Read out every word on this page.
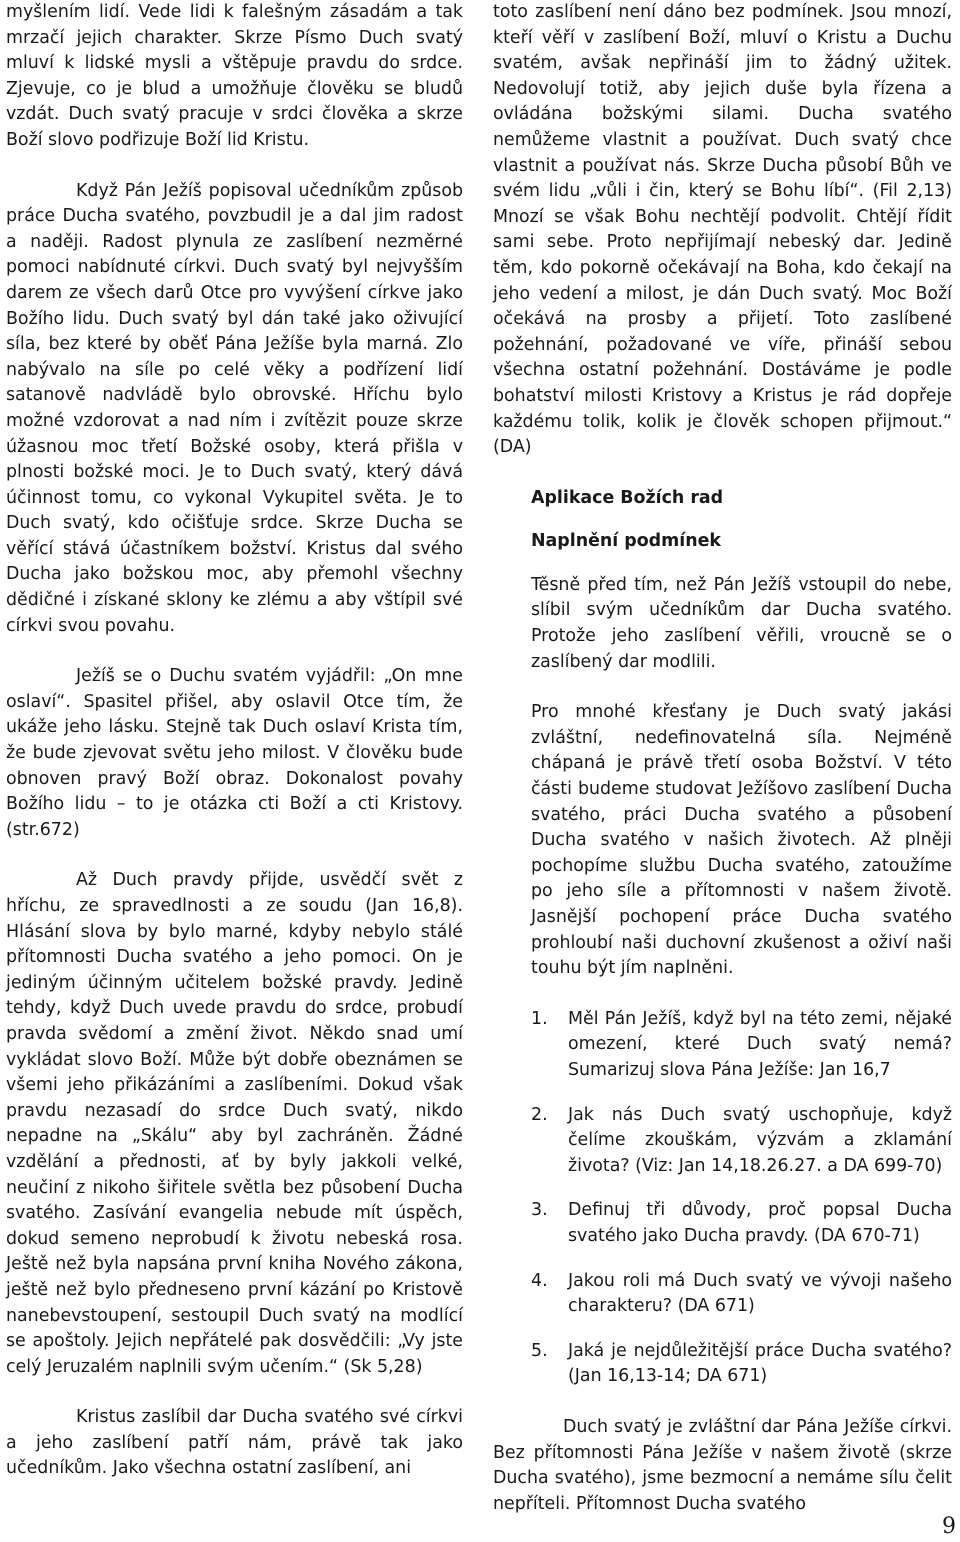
myšlením lidí. Vede lidi k falešným zásadám a tak mrzačí jejich charakter. Skrze Písmo Duch svatý mluví k lidské mysli a vštěpuje pravdu do srdce. Zjevuje, co je blud a umožňuje člověku se bludů vzdát. Duch svatý pracuje v srdci člověka a skrze Boží slovo podřizuje Boží lid Kristu.

Když Pán Ježíš popisoval učedníkům způsob práce Ducha svatého, povzbudil je a dal jim radost a naději. Radost plynula ze zaslíbení nezměrné pomoci nabídnuté církvi. Duch svatý byl nejvyšším darem ze všech darů Otce pro vyvýšení církve jako Božího lidu. Duch svatý byl dán také jako oživující síla, bez které by oběť Pána Ježíše byla marná. Zlo nabývalo na síle po celé věky a podřízení lidí satanově nadvládě bylo obrovské. Hříchu bylo možné vzdorovat a nad ním i zvítězit pouze skrze úžasnou moc třetí Božské osoby, která přišla v plnosti božské moci. Je to Duch svatý, který dává účinnost tomu, co vykonal Vykupitel světa. Je to Duch svatý, kdo očišťuje srdce. Skrze Ducha se věřící stává účastníkem božství. Kristus dal svého Ducha jako božskou moc, aby přemohl všechny dědičné i získané sklony ke zlému a aby vštípil své církvi svou povahu.

Ježíš se o Duchu svatém vyjádřil: „On mne oslaví“. Spasitel přišel, aby oslavil Otce tím, že ukáže jeho lásku. Stejně tak Duch oslaví Krista tím, že bude zjevovat světu jeho milost. V člověku bude obnoven pravý Boží obraz. Dokonalost povahy Božího lidu – to je otázka cti Boží a cti Kristovy. (str.672)

Až Duch pravdy přijde, usvědčí svět z hříchu, ze spravedlnosti a ze soudu (Jan 16,8). Hlásání slova by bylo marné, kdyby nebylo stálé přítomnosti Ducha svatého a jeho pomoci. On je jediným účinným učitelem božské pravdy. Jedině tehdy, když Duch uvede pravdu do srdce, probudí pravda svědomí a změní život. Někdo snad umí vykládat slovo Boží. Může být dobře obeznámen se všemi jeho přikázáními a zaslíbeními. Dokud však pravdu nezasadí do srdce Duch svatý, nikdo nepadne na „Skálu“ aby byl zachráněn. Žádné vzdělání a přednosti, ať by byly jakkoli velké, neučiní z nikoho šiřitele světla bez působení Ducha svatého. Zasívání evangelia nebude mít úspěch, dokud semeno neprobudí k životu nebeská rosa. Ještě než byla napsána první kniha Nového zákona, ještě než bylo předneseno první kázání po Kristově nanebevstoupení, sestoupil Duch svatý na modlící se apoštoly. Jejich nepřátelé pak dosvědčili: „Vy jste celý Jeruzalém naplnili svým učením.“ (Sk 5,28)

Kristus zaslíbil dar Ducha svatého své církvi a jeho zaslíbení patří nám, právě tak jako učedníkům. Jako všechna ostatní zaslíbení, ani

toto zaslíbení není dáno bez podmínek. Jsou mnozí, kteří věří v zaslíbení Boží, mluví o Kristu a Duchu svatém, avšak nepřináší jim to žádný užitek. Nedovolují totiž, aby jejich duše byla řízena a ovládána božskými silami. Ducha svatého nemůžeme vlastnit a používat. Duch svatý chce vlastnit a používat nás. Skrze Ducha působí Bůh ve svém lidu „vůli i čin, který se Bohu líbí“. (Fil 2,13) Mnozí se však Bohu nechtějí podvolit. Chtějí řídit sami sebe. Proto nepřijímají nebeský dar. Jedině těm, kdo pokorně očekávají na Boha, kdo čekají na jeho vedení a milost, je dán Duch svatý. Moc Boží očekává na prosby a přijetí. Toto zaslíbené požehnání, požadované ve víře, přináší sebou všechna ostatní požehnání. Dostáváme je podle bohatství milosti Kristovy a Kristus je rád dopřeje každému tolik, kolik je člověk schopen přijmout.“ (DA)

Aplikace Božích rad
Naplnění podmínek

Těsně před tím, než Pán Ježíš vstoupil do nebe, slíbil svým učedníkům dar Ducha svatého. Protože jeho zaslíbení věřili, vroucně se o zaslíbený dar modlili.

Pro mnohé křesťany je Duch svatý jakási zvláštní, nedefinovatelná síla. Nejméně chápaná je právě třetí osoba Božství. V této části budeme studovat Ježíšovo zaslíbení Ducha svatého, práci Ducha svatého a působení Ducha svatého v našich životech. Až plněji pochopíme službu Ducha svatého, zatoužíme po jeho síle a přítomnosti v našem životě. Jasnější pochopení práce Ducha svatého prohloubí naši duchovní zkušenost a oživí naši touhu být jím naplněni.

1. Měl Pán Ježíš, když byl na této zemi, nějaké omezení, které Duch svatý nemá? Sumarizuj slova Pána Ježíše: Jan 16,7
2. Jak nás Duch svatý uschopňuje, když čelíme zkouškám, výzvám a zklamání života? (Viz: Jan 14,18.26.27. a DA 699-70)
3. Definuj tři důvody, proč popsal Ducha svatého jako Ducha pravdy. (DA 670-71)
4. Jakou roli má Duch svatý ve vývoji našeho charakteru? (DA 671)
5. Jaká je nejdůležitější práce Ducha svatého? (Jan 16,13-14; DA 671)

Duch svatý je zvláštní dar Pána Ježíše církvi. Bez přítomnosti Pána Ježíše v našem životě (skrze Ducha svatého), jsme bezmocní a nemáme sílu čelit nepříteli. Přítomnost Ducha svatého

9
